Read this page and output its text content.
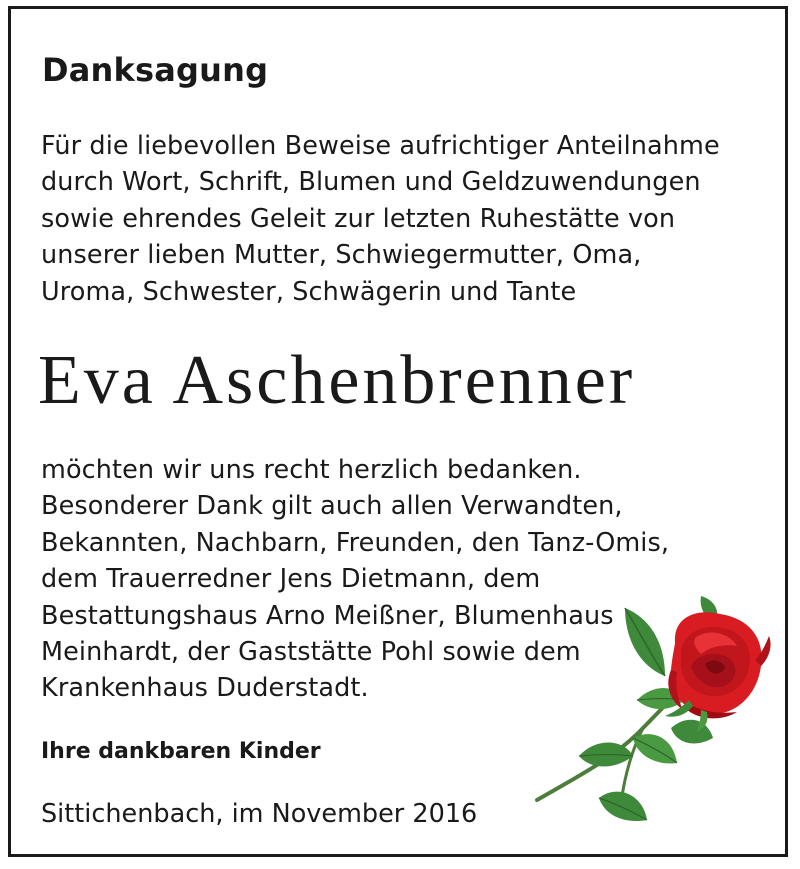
Danksagung

Für die liebevollen Beweise aufrichtiger Anteilnahme
durch Wort, Schrift, Blumen und Geldzuwendungen
sowie ehrendes Geleit zur letzten Ruhestätte von
unserer lieben Mutter, Schwiegermutter, Oma,
Uroma, Schwester, Schwägerin und Tante

Eva Aschenbrenner

möchten wir uns recht herzlich bedanken.
Besonderer Dank gilt auch allen Verwandten,
Bekannten, Nachbarn, Freunden, den Tanz-Omis,
dem Trauerredner Jens Dietmann, dem
Bestattungshaus Arno Meißner, Blumenhaus
Meinhardt, der Gaststätte Pohl sowie dem
Krankenhaus Duderstadt.

Ihre dankbaren Kinder

Sittichenbach, im November 2016
